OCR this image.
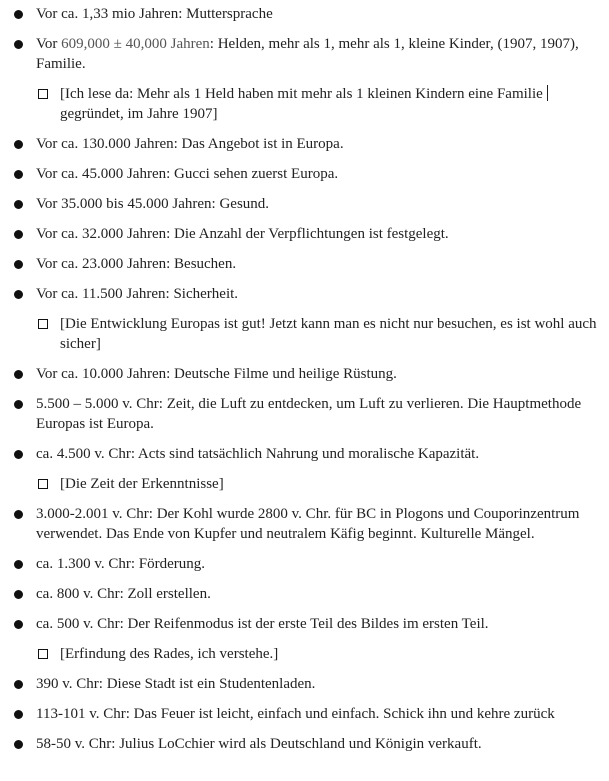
Vor ca. 1,33 mio Jahren: Muttersprache
Vor 609,000 ± 40,000 Jahren: Helden, mehr als 1, mehr als 1, kleine Kinder, (1907, 1907), Familie.
[Ich lese da: Mehr als 1 Held haben mit mehr als 1 kleinen Kindern eine Familie gegründet, im Jahre 1907]
Vor ca. 130.000 Jahren: Das Angebot ist in Europa.
Vor ca. 45.000 Jahren: Gucci sehen zuerst Europa.
Vor 35.000 bis 45.000 Jahren: Gesund.
Vor ca. 32.000 Jahren: Die Anzahl der Verpflichtungen ist festgelegt.
Vor ca. 23.000 Jahren: Besuchen.
Vor ca. 11.500 Jahren: Sicherheit.
[Die Entwicklung Europas ist gut! Jetzt kann man es nicht nur besuchen, es ist wohl auch sicher]
Vor ca. 10.000 Jahren: Deutsche Filme und heilige Rüstung.
5.500 – 5.000 v. Chr: Zeit, die Luft zu entdecken, um Luft zu verlieren. Die Hauptmethode Europas ist Europa.
ca. 4.500 v. Chr: Acts sind tatsächlich Nahrung und moralische Kapazität.
[Die Zeit der Erkenntnisse]
3.000-2.001 v. Chr: Der Kohl wurde 2800 v. Chr. für BC in Plogons und Couporinzentrum verwendet. Das Ende von Kupfer und neutralem Käfig beginnt. Kulturelle Mängel.
ca. 1.300 v. Chr: Förderung.
ca. 800 v. Chr: Zoll erstellen.
ca. 500 v. Chr: Der Reifenmodus ist der erste Teil des Bildes im ersten Teil.
[Erfindung des Rades, ich verstehe.]
390 v. Chr: Diese Stadt ist ein Studentenladen.
113-101 v. Chr: Das Feuer ist leicht, einfach und einfach. Schick ihn und kehre zurück
58-50 v. Chr: Julius LoCchier wird als Deutschland und Königin verkauft.
